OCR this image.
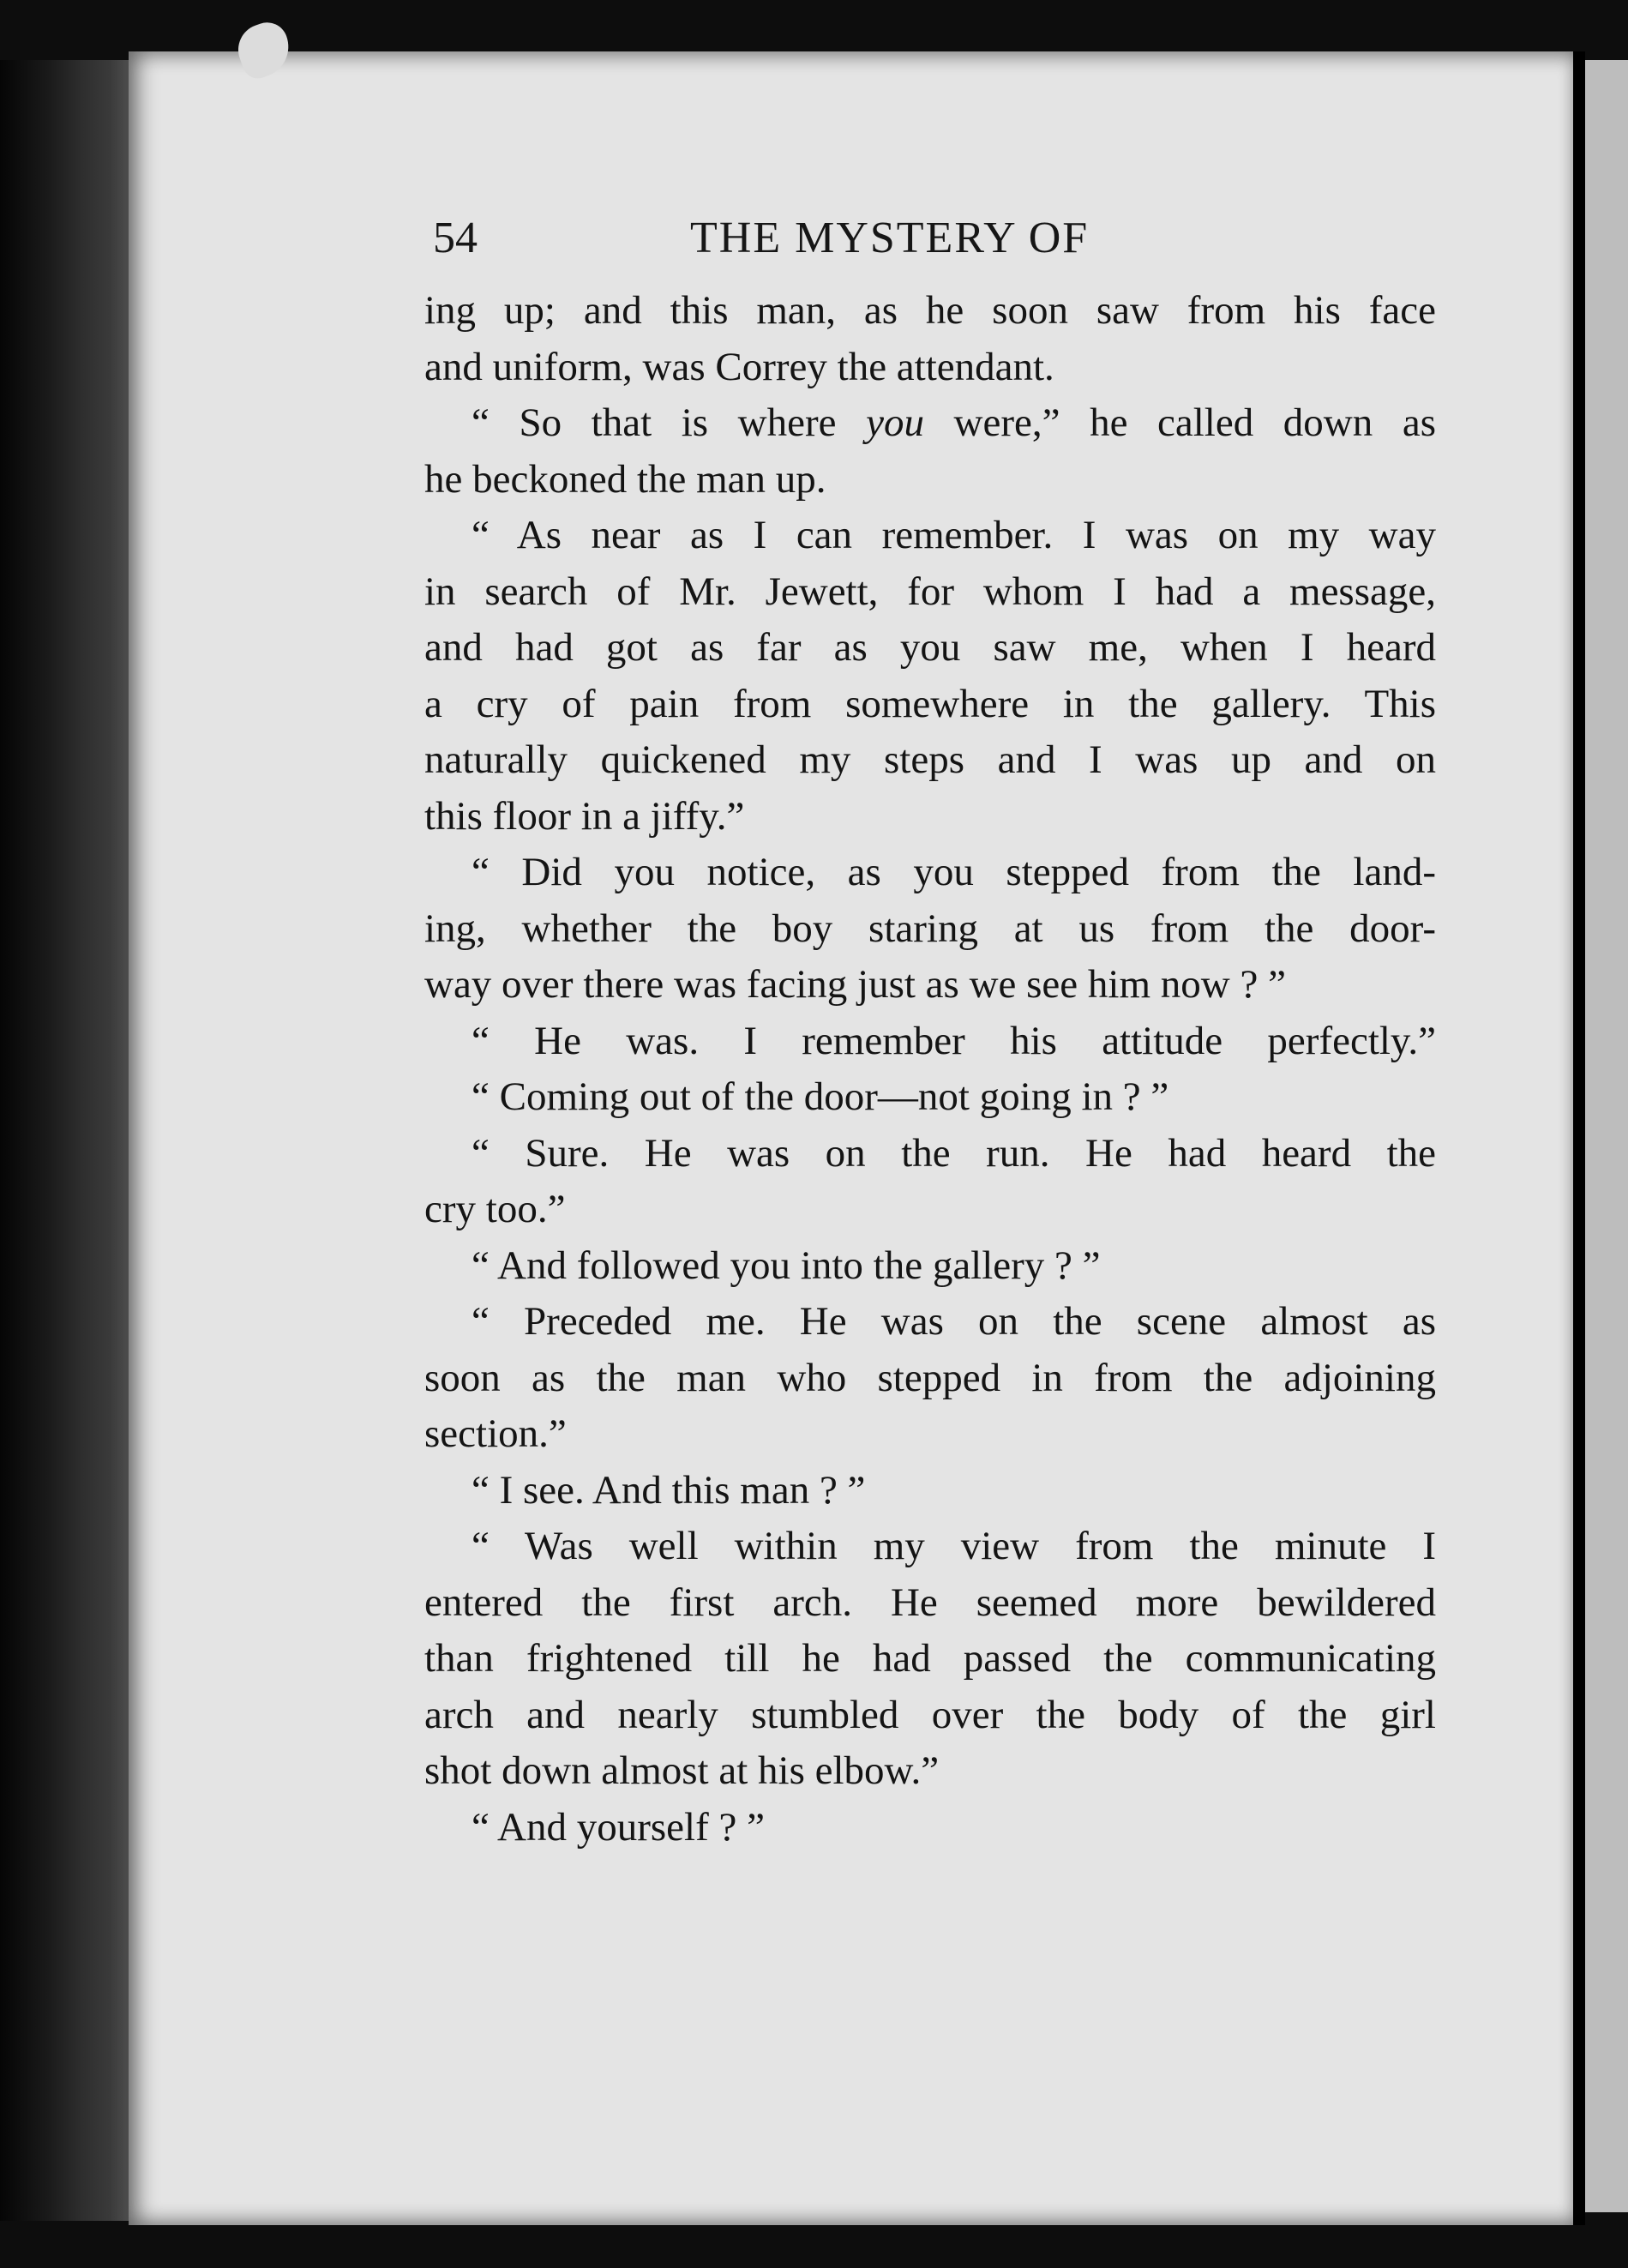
54	THE MYSTERY OF
ing up; and this man, as he soon saw from his face
and uniform, was Correy the attendant.
“ So that is where you were,” he called down as
he beckoned the man up.
“ As near as I can remember. I was on my way
in search of Mr. Jewett, for whom I had a message,
and had got as far as you saw me, when I heard
a cry of pain from somewhere in the gallery. This
naturally quickened my steps and I was up and on
this floor in a jiffy.”
“ Did you notice, as you stepped from the land-
ing, whether the boy staring at us from the door-
way over there was facing just as we see him now ? ”
“ He was. I remember his attitude perfectly.”
“ Coming out of the door—not going in ? ”
“ Sure. He was on the run. He had heard the
cry too.”
“ And followed you into the gallery ? ”
“ Preceded me. He was on the scene almost as
soon as the man who stepped in from the adjoining
section.”
“ I see. And this man ? ”
“ Was well within my view from the minute I
entered the first arch. He seemed more bewildered
than frightened till he had passed the communicating
arch and nearly stumbled over the body of the girl
shot down almost at his elbow.”
“ And yourself ? ”
